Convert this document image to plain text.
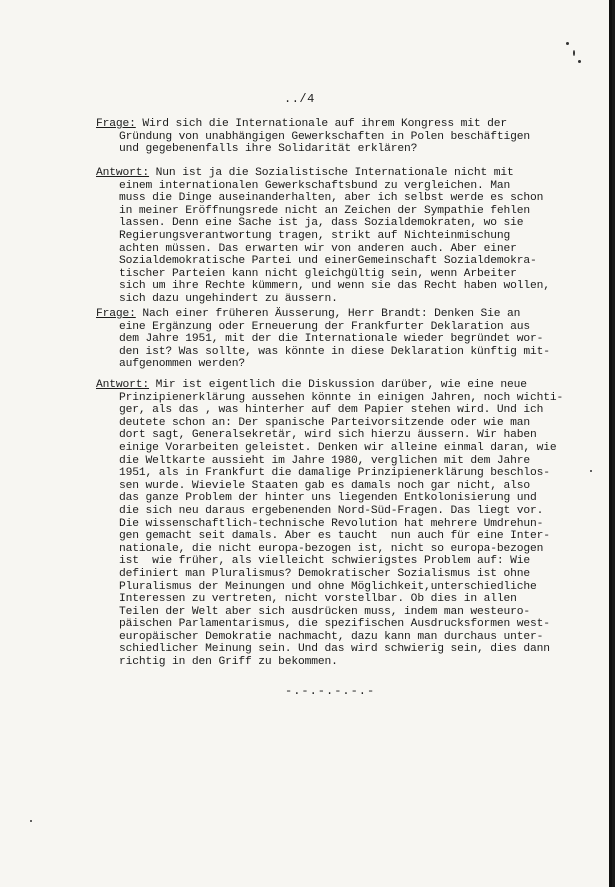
../4
Frage: Wird sich die Internationale auf ihrem Kongress mit der
Gründung von unabhängigen Gewerkschaften in Polen beschäftigen
und gegebenenfalls ihre Solidarität erklären?
Antwort: Nun ist ja die Sozialistische Internationale nicht mit
einem internationalen Gewerkschaftsbund zu vergleichen. Man
muss die Dinge auseinanderhalten, aber ich selbst werde es schon
in meiner Eröffnungsrede nicht an Zeichen der Sympathie fehlen
lassen. Denn eine Sache ist ja, dass Sozialdemokraten, wo sie
Regierungsverantwortung tragen, strikt auf Nichteinmischung
achten müssen. Das erwarten wir von anderen auch. Aber einer
Sozialdemokratische Partei und einerGemeinschaft Sozialdemokra-
tischer Parteien kann nicht gleichgültig sein, wenn Arbeiter
sich um ihre Rechte kümmern, und wenn sie das Recht haben wollen,
sich dazu ungehindert zu äussern.
Frage: Nach einer früheren Äusserung, Herr Brandt: Denken Sie an
eine Ergänzung oder Erneuerung der Frankfurter Deklaration aus
dem Jahre 1951, mit der die Internationale wieder begründet wor-
den ist? Was sollte, was könnte in diese Deklaration künftig mit-
aufgenommen werden?
Antwort: Mir ist eigentlich die Diskussion darüber, wie eine neue
Prinzipienerklärung aussehen könnte in einigen Jahren, noch wichti-
ger, als das , was hinterher auf dem Papier stehen wird. Und ich
deutete schon an: Der spanische Parteivorsitzende oder wie man
dort sagt, Generalsekretär, wird sich hierzu äussern. Wir haben
einige Vorarbeiten geleistet. Denken wir alleine einmal daran, wie
die Weltkarte aussieht im Jahre 1980, verglichen mit dem Jahre
1951, als in Frankfurt die damalige Prinzipienerklärung beschlos-
sen wurde. Wieviele Staaten gab es damals noch gar nicht, also
das ganze Problem der hinter uns liegenden Entkolonisierung und
die sich neu daraus ergebenenden Nord-Süd-Fragen. Das liegt vor.
Die wissenschaftlich-technische Revolution hat mehrere Umdrehun-
gen gemacht seit damals. Aber es taucht  nun auch für eine Inter-
nationale, die nicht europa-bezogen ist, nicht so europa-bezogen
ist  wie früher, als vielleicht schwierigstes Problem auf: Wie
definiert man Pluralismus? Demokratischer Sozialismus ist ohne
Pluralismus der Meinungen und ohne Möglichkeit,unterschiedliche
Interessen zu vertreten, nicht vorstellbar. Ob dies in allen
Teilen der Welt aber sich ausdrücken muss, indem man westeuro-
päischen Parlamentarismus, die spezifischen Ausdrucksformen west-
europäischer Demokratie nachmacht, dazu kann man durchaus unter-
schiedlicher Meinung sein. Und das wird schwierig sein, dies dann
richtig in den Griff zu bekommen.
-.-.-.-.-.-
